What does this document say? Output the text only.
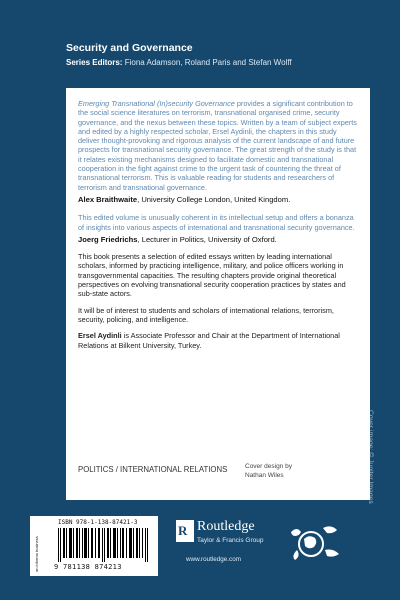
Security and Governance
Series Editors: Fiona Adamson, Roland Paris and Stefan Wolff

Emerging Transnational (In)security Governance provides a significant contribution to the social science literatures on terrorism, transnational organised crime, security governance, and the nexus between these topics. Written by a team of subject experts and edited by a highly respected scholar, Ersel Aydinli, the chapters in this study deliver thought-provoking and rigorous analysis of the current landscape of and future prospects for transnational security governance. The great strength of the study is that it relates existing mechanisms designed to facilitate domestic and transnational cooperation in the fight against crime to the urgent task of countering the threat of transnational terrorism. This is valuable reading for students and researchers of terrorism and transnational governance.

Alex Braithwaite, University College London, United Kingdom.

This edited volume is unusually coherent in its intellectual setup and offers a bonanza of insights into various aspects of international and transnational security governance.

Joerg Friedrichs, Lecturer in Politics, University of Oxford.

This book presents a selection of edited essays written by leading international scholars, informed by practicing intelligence, military, and police officers working in transgovernmental capacities. The resulting chapters provide original theoretical perspectives on evolving transnational security cooperation practices by states and sub-state actors.

It will be of interest to students and scholars of international relations, terrorism, security, policing, and intelligence.

Ersel Aydinli is Associate Professor and Chair at the Department of International Relations at Bilkent University, Turkey.

POLITICS / INTERNATIONAL RELATIONS	Cover design by
Nathan Wiles	Cover image: © Jupiter Images
an informa business
ISBN 978-1-138-87421-3
9 781138 874213
R Routledge
Taylor & Francis Group
www.routledge.com
